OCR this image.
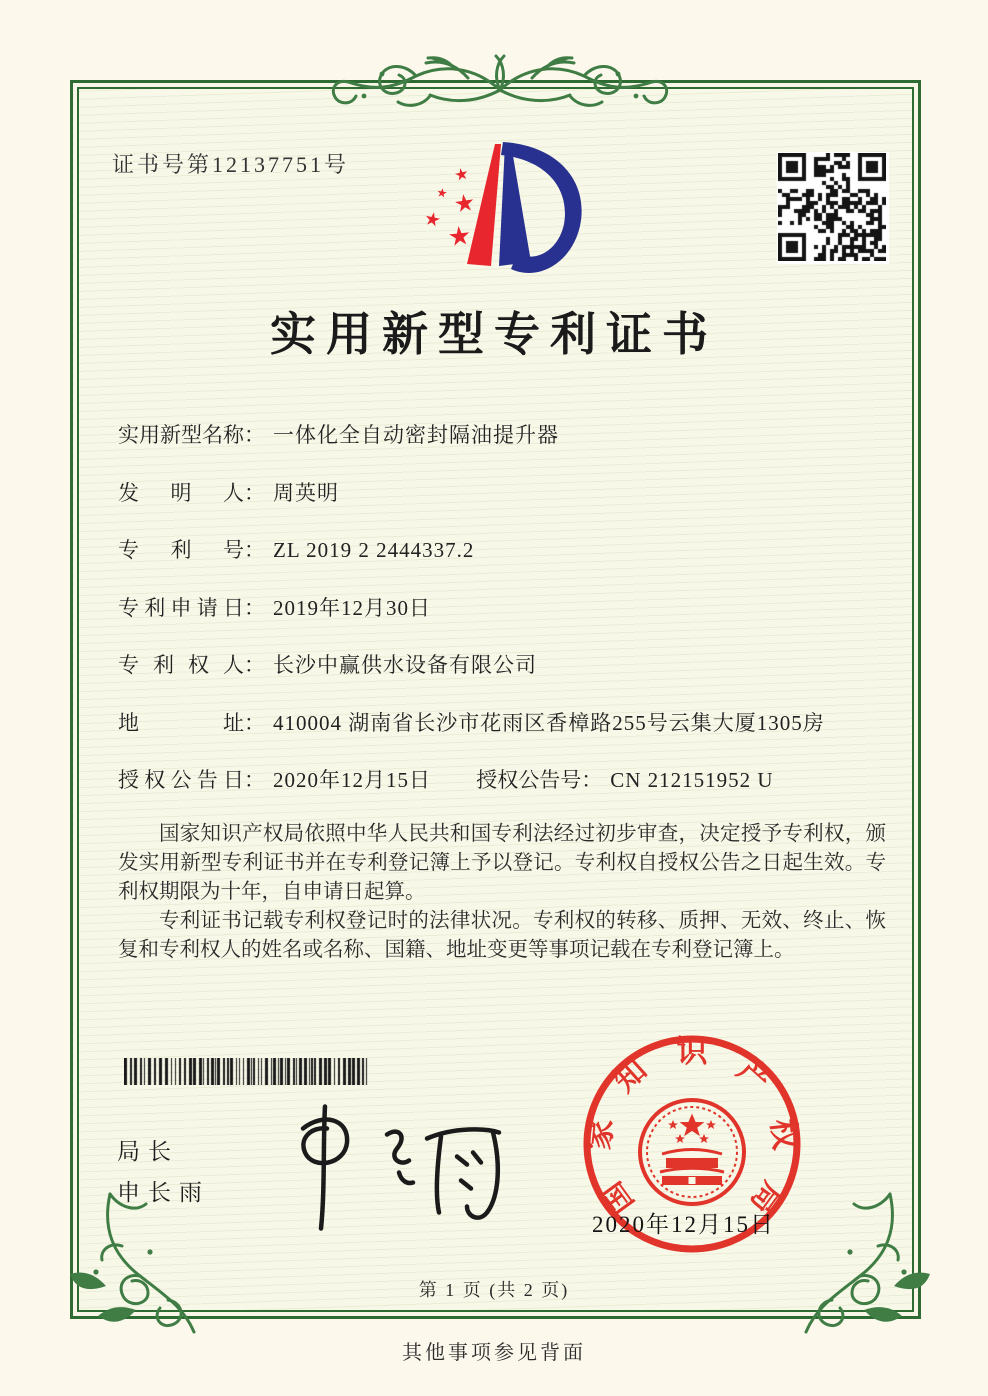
证书号第12137751号
实用新型专利证书
实用新型名称： 一体化全自动密封隔油提升器
发明人： 周英明
专利号： ZL 2019 2 2444337.2
专利申请日： 2019年12月30日
专利权人： 长沙中赢供水设备有限公司
地址： 410004 湖南省长沙市花雨区香樟路255号云集大厦1305房
授权公告日： 2020年12月15日 授权公告号： CN 212151952 U

国家知识产权局依照中华人民共和国专利法经过初步审查，决定授予专利权，颁发实用新型专利证书并在专利登记簿上予以登记。专利权自授权公告之日起生效。专利权期限为十年，自申请日起算。

专利证书记载专利权登记时的法律状况。专利权的转移、质押、无效、终止、恢复和专利权人的姓名或名称、国籍、地址变更等事项记载在专利登记簿上。

局长
申长雨	国
家
知
识
产
权
局
2020年12月15日
第 1 页 (共 2 页)
其他事项参见背面
